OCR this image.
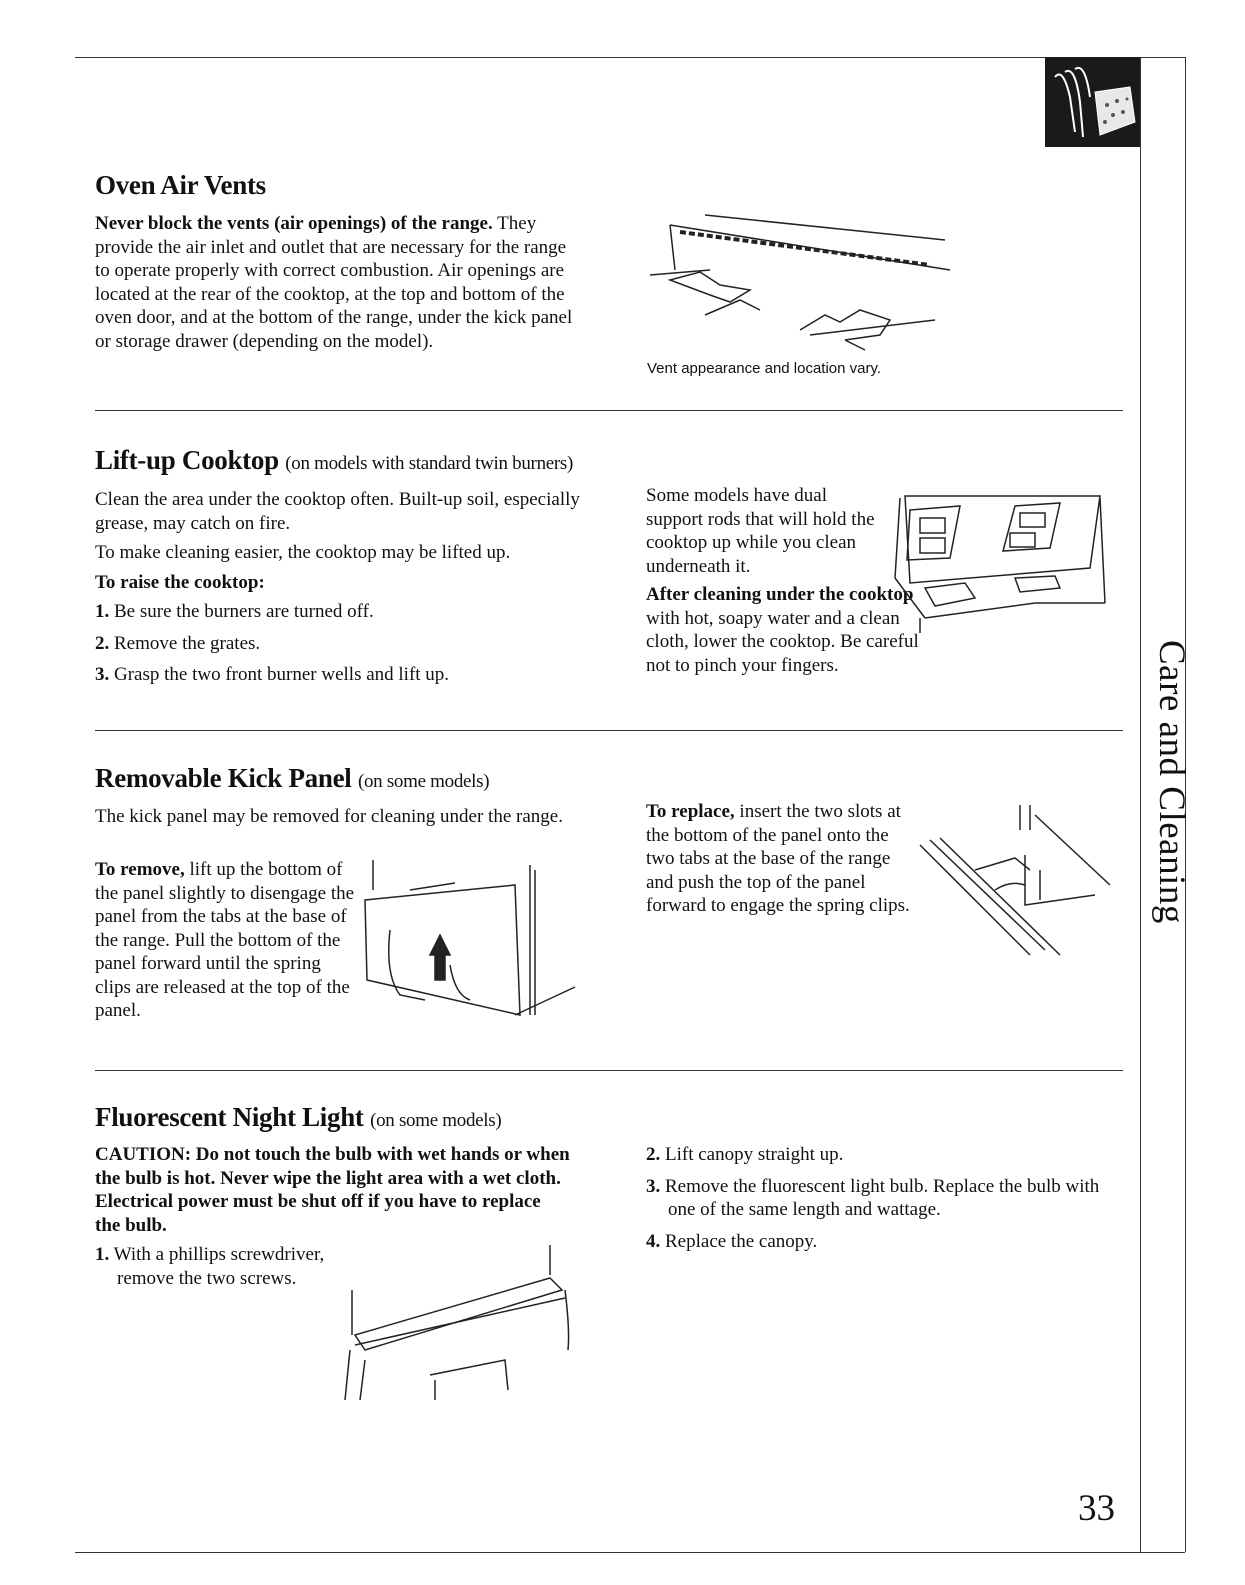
Care and Cleaning
Oven Air Vents
Never block the vents (air openings) of the range. They provide the air inlet and outlet that are necessary for the range to operate properly with correct combustion. Air openings are located at the rear of the cooktop, at the top and bottom of the oven door, and at the bottom of the range, under the kick panel or storage drawer (depending on the model).
Vent appearance and location vary.
Lift-up Cooktop (on models with standard twin burners)

Clean the area under the cooktop often. Built-up soil, especially grease, may catch on fire.

To make cleaning easier, the cooktop may be lifted up.

To raise the cooktop:

1. Be sure the burners are turned off.
2. Remove the grates.
3. Grasp the two front burner wells and lift up.

Some models have dual support rods that will hold the cooktop up while you clean underneath it.

After cleaning under the cooktop with hot, soapy water and a clean cloth, lower the cooktop. Be careful not to pinch your fingers.
Removable Kick Panel (on some models)

The kick panel may be removed for cleaning under the range.

To remove, lift up the bottom of the panel slightly to disengage the panel from the tabs at the base of the range. Pull the bottom of the panel forward until the spring clips are released at the top of the panel.
To replace, insert the two slots at the bottom of the panel onto the two tabs at the base of the range and push the top of the panel forward to engage the spring clips.
Fluorescent Night Light (on some models)
CAUTION: Do not touch the bulb with wet hands or when the bulb is hot. Never wipe the light area with a wet cloth. Electrical power must be shut off if you have to replace the bulb.
1. With a phillips screwdriver, remove the two screws.
2. Lift canopy straight up.
3. Remove the fluorescent light bulb. Replace the bulb with one of the same length and wattage.
4. Replace the canopy.
33
